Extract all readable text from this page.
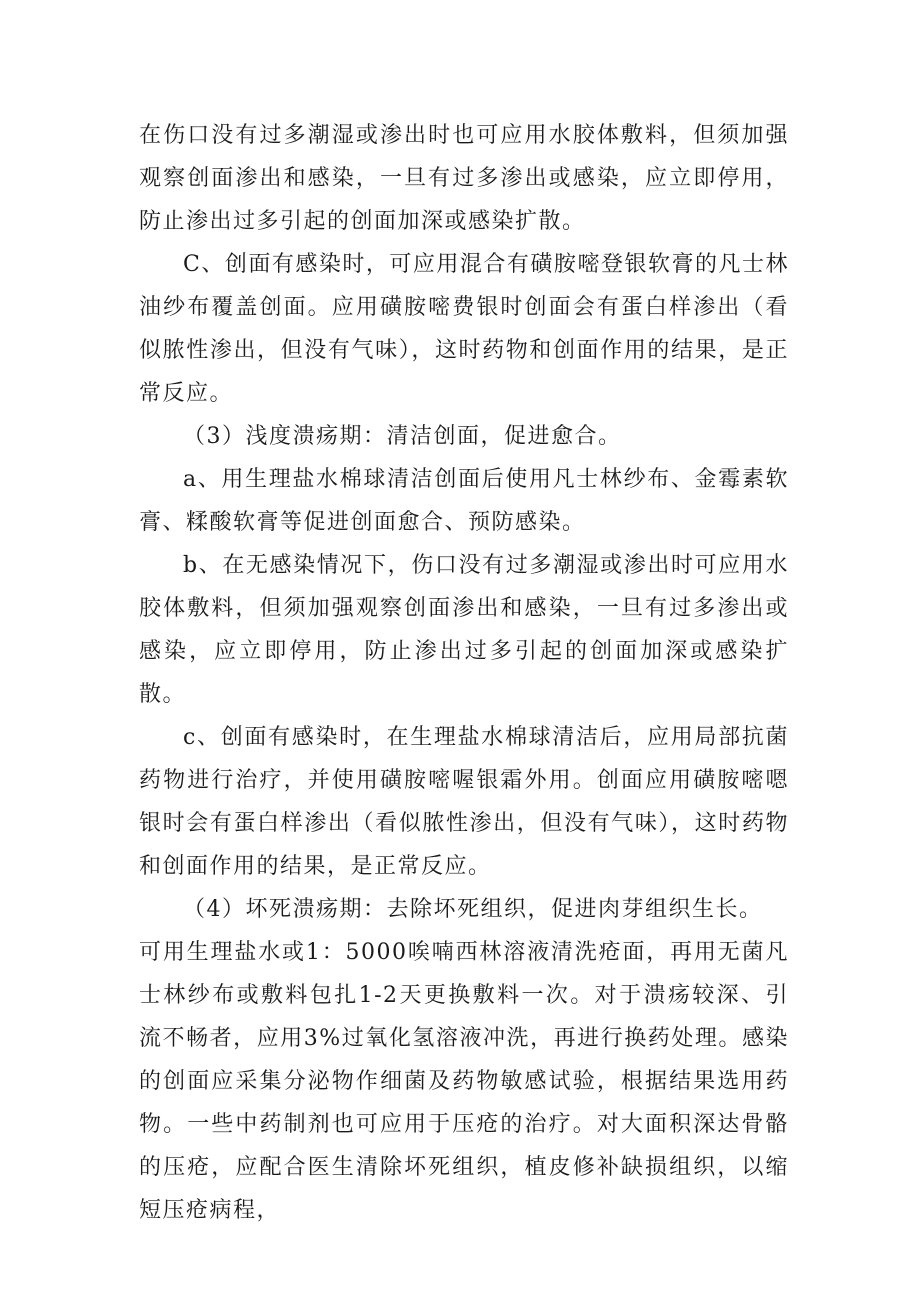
在伤口没有过多潮湿或渗出时也可应用水胶体敷料，但须加强观察创面渗出和感染，一旦有过多渗出或感染，应立即停用，防止渗出过多引起的创面加深或感染扩散。

C、创面有感染时，可应用混合有磺胺嘧登银软膏的凡士林油纱布覆盖创面。应用磺胺嘧费银时创面会有蛋白样渗出（看似脓性渗出，但没有气味），这时药物和创面作用的结果，是正常反应。

（3）浅度溃疡期：清洁创面，促进愈合。

a、用生理盐水棉球清洁创面后使用凡士林纱布、金霉素软膏、糅酸软膏等促进创面愈合、预防感染。

b、在无感染情况下，伤口没有过多潮湿或渗出时可应用水胶体敷料，但须加强观察创面渗出和感染，一旦有过多渗出或感染，应立即停用，防止渗出过多引起的创面加深或感染扩散。

c、创面有感染时，在生理盐水棉球清洁后，应用局部抗菌药物进行治疗，并使用磺胺嘧喔银霜外用。创面应用磺胺嘧嗯银时会有蛋白样渗出（看似脓性渗出，但没有气味），这时药物和创面作用的结果，是正常反应。

（4）坏死溃疡期：去除坏死组织，促进肉芽组织生长。

可用生理盐水或1：5000唉喃西林溶液清洗疮面，再用无菌凡士林纱布或敷料包扎1-2天更换敷料一次。对于溃疡较深、引流不畅者，应用3%过氧化氢溶液冲洗，再进行换药处理。感染的创面应采集分泌物作细菌及药物敏感试验，根据结果选用药物。一些中药制剂也可应用于压疮的治疗。对大面积深达骨骼的压疮，应配合医生清除坏死组织，植皮修补缺损组织，以缩短压疮病程，
